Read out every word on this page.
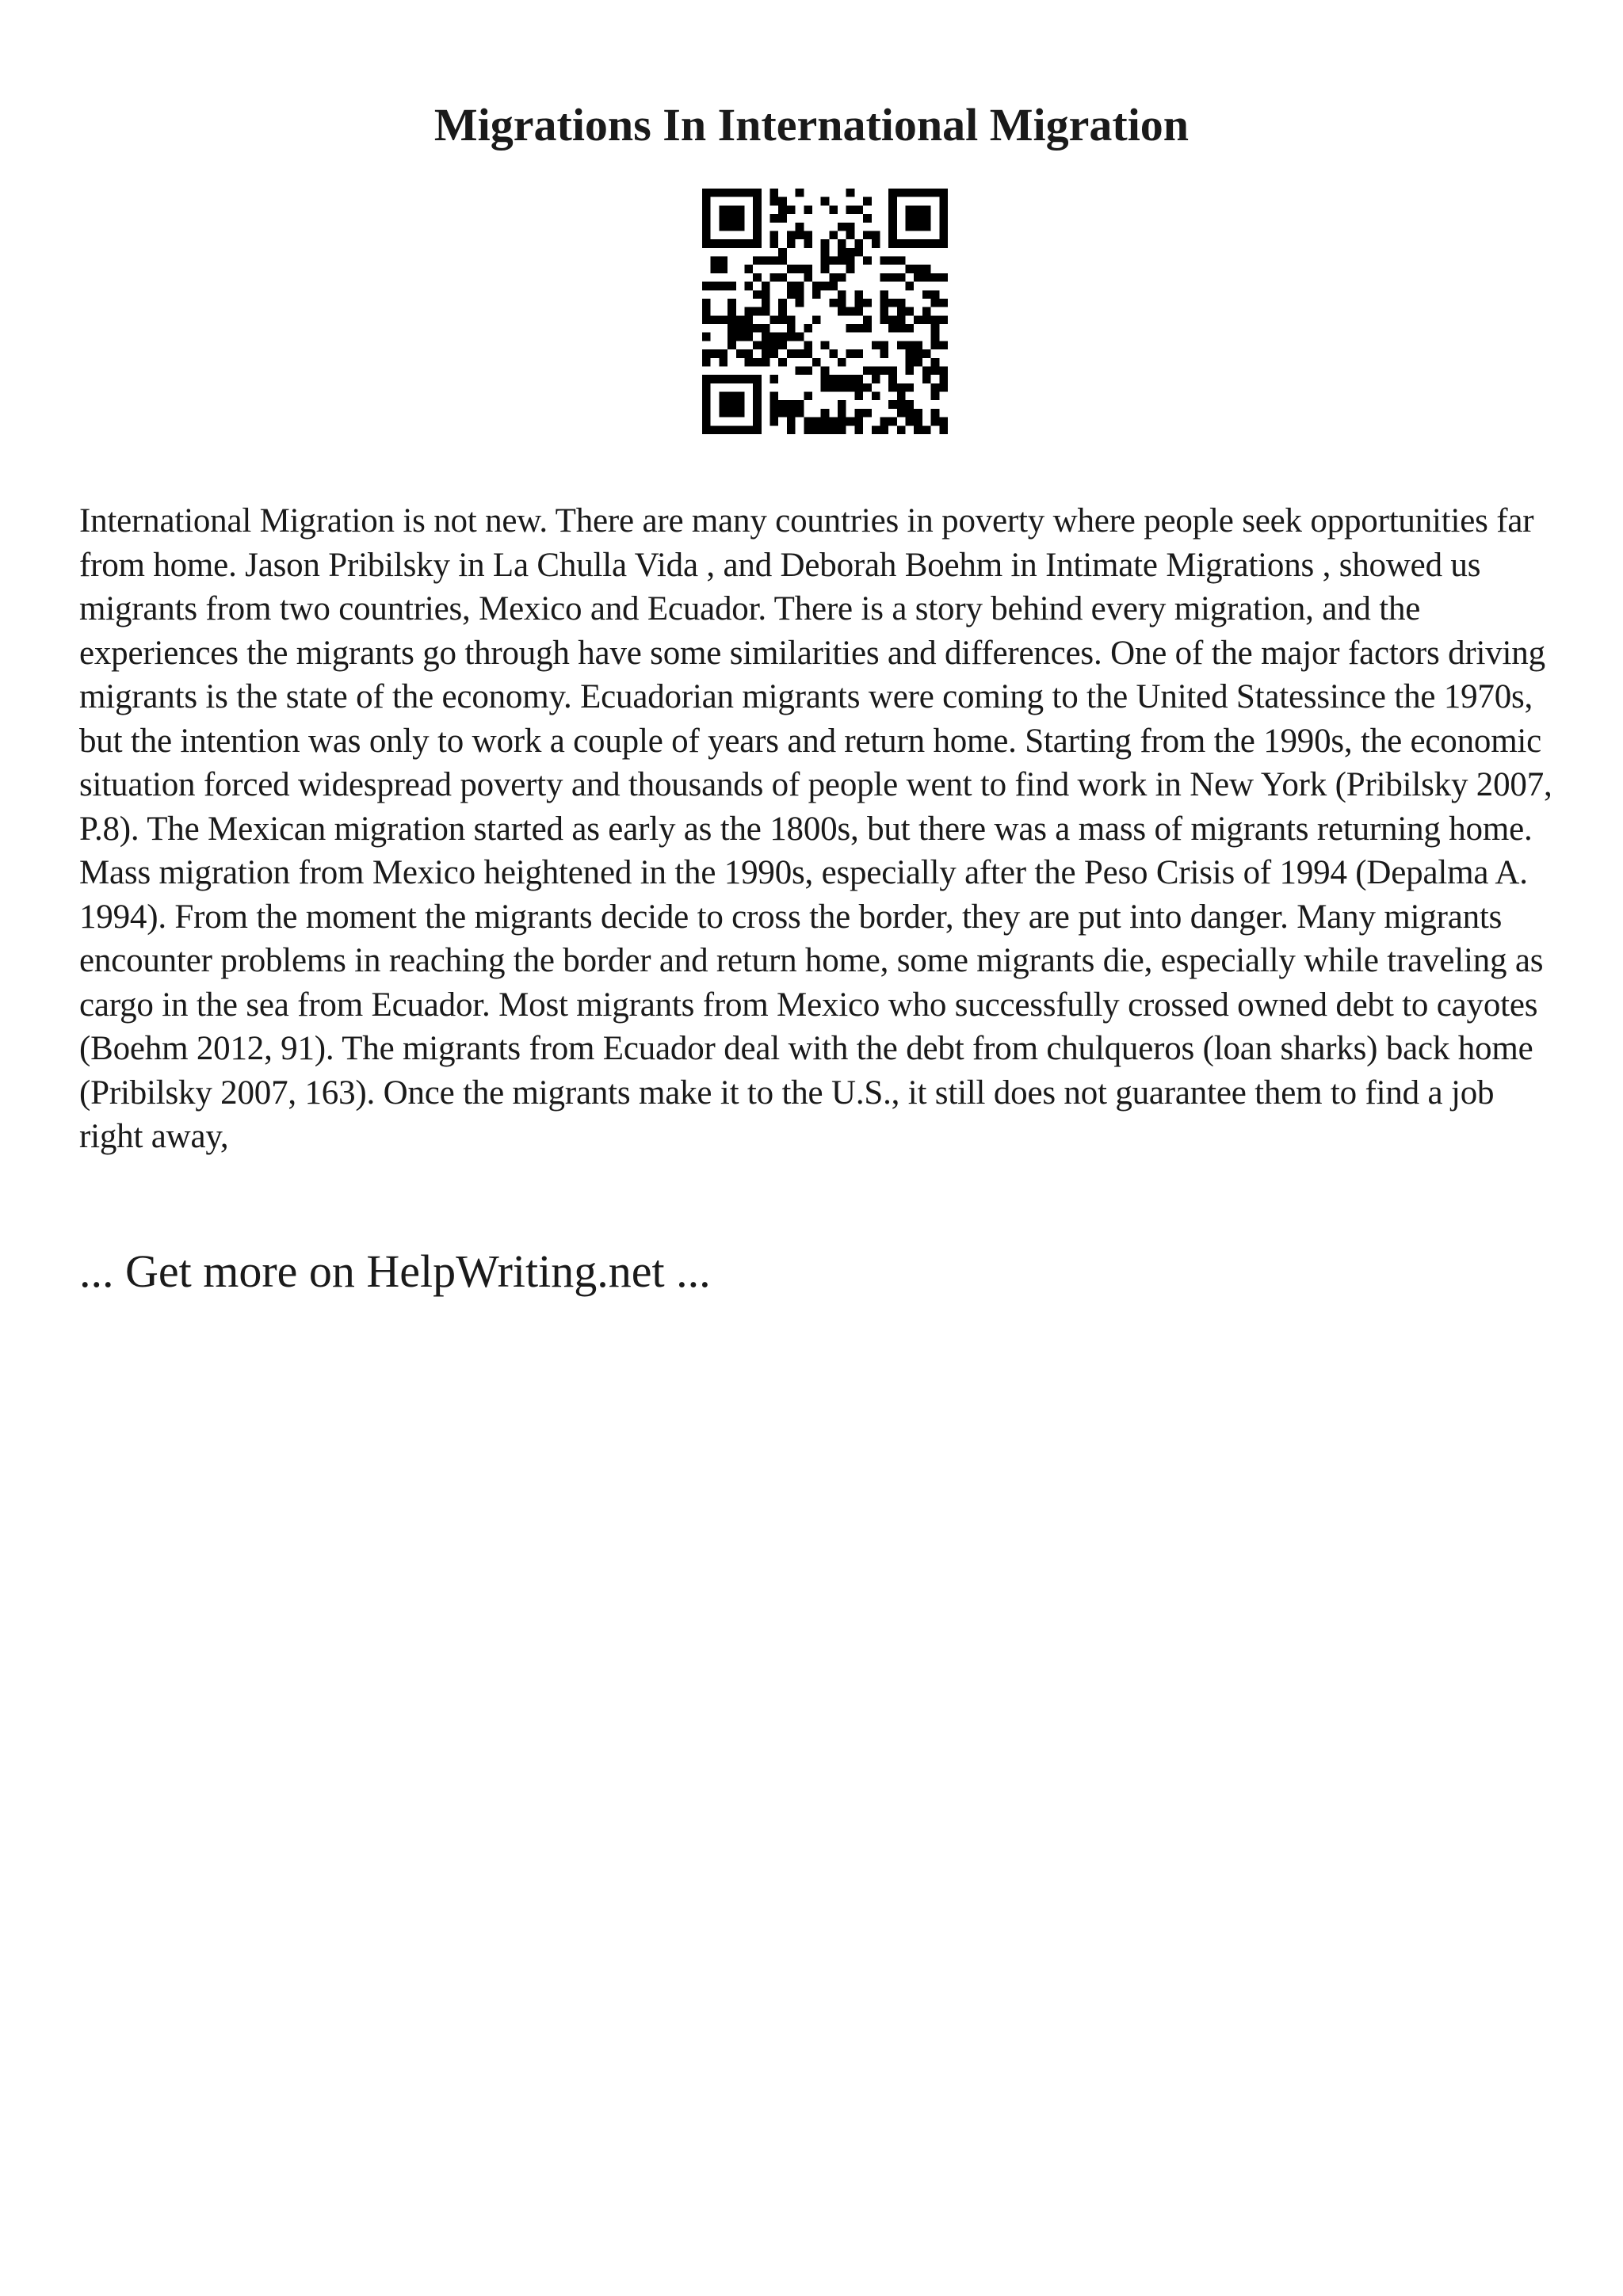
Migrations In International Migration

International Migration is not new. There are many countries in poverty where people seek opportunities far from home. Jason Pribilsky in La Chulla Vida , and Deborah Boehm in Intimate Migrations , showed us migrants from two countries, Mexico and Ecuador. There is a story behind every migration, and the experiences the migrants go through have some similarities and differences. One of the major factors driving migrants is the state of the economy. Ecuadorian migrants were coming to the United Statessince the 1970s, but the intention was only to work a couple of years and return home. Starting from the 1990s, the economic situation forced widespread poverty and thousands of people went to find work in New York (Pribilsky 2007, P.8). The Mexican migration started as early as the 1800s, but there was a mass of migrants returning home. Mass migration from Mexico heightened in the 1990s, especially after the Peso Crisis of 1994 (Depalma A. 1994). From the moment the migrants decide to cross the border, they are put into danger. Many migrants encounter problems in reaching the border and return home, some migrants die, especially while traveling as cargo in the sea from Ecuador. Most migrants from Mexico who successfully crossed owned debt to cayotes (Boehm 2012, 91). The migrants from Ecuador deal with the debt from chulqueros (loan sharks) back home (Pribilsky 2007, 163). Once the migrants make it to the U.S., it still does not guarantee them to find a job right away,

... Get more on HelpWriting.net ...
